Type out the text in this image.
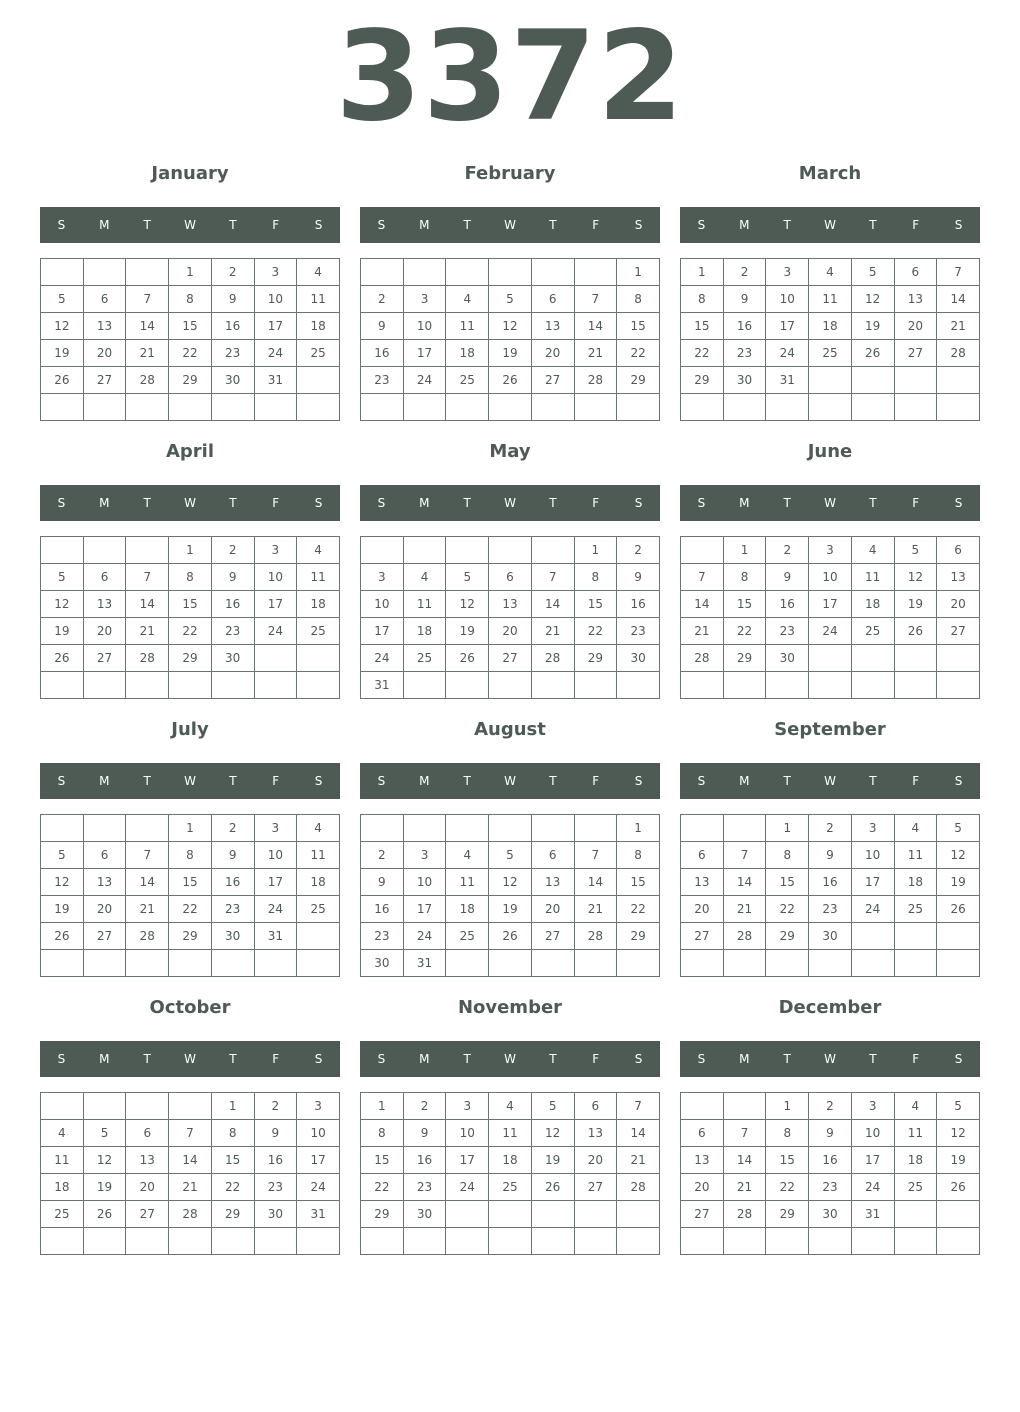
3372
January
S	M	T	W	T	F	S
			1	2	3	4
5	6	7	8	9	10	11
12	13	14	15	16	17	18
19	20	21	22	23	24	25
26	27	28	29	30	31	

February
S	M	T	W	T	F	S
						1
2	3	4	5	6	7	8
9	10	11	12	13	14	15
16	17	18	19	20	21	22
23	24	25	26	27	28	29

March
S	M	T	W	T	F	S
1	2	3	4	5	6	7
8	9	10	11	12	13	14
15	16	17	18	19	20	21
22	23	24	25	26	27	28
29	30	31				

April
S	M	T	W	T	F	S
			1	2	3	4
5	6	7	8	9	10	11
12	13	14	15	16	17	18
19	20	21	22	23	24	25
26	27	28	29	30		

May
S	M	T	W	T	F	S
					1	2
3	4	5	6	7	8	9
10	11	12	13	14	15	16
17	18	19	20	21	22	23
24	25	26	27	28	29	30
31						
June
S	M	T	W	T	F	S
	1	2	3	4	5	6
7	8	9	10	11	12	13
14	15	16	17	18	19	20
21	22	23	24	25	26	27
28	29	30				

July
S	M	T	W	T	F	S
			1	2	3	4
5	6	7	8	9	10	11
12	13	14	15	16	17	18
19	20	21	22	23	24	25
26	27	28	29	30	31	

August
S	M	T	W	T	F	S
						1
2	3	4	5	6	7	8
9	10	11	12	13	14	15
16	17	18	19	20	21	22
23	24	25	26	27	28	29
30	31					
September
S	M	T	W	T	F	S
		1	2	3	4	5
6	7	8	9	10	11	12
13	14	15	16	17	18	19
20	21	22	23	24	25	26
27	28	29	30			

October
S	M	T	W	T	F	S
				1	2	3
4	5	6	7	8	9	10
11	12	13	14	15	16	17
18	19	20	21	22	23	24
25	26	27	28	29	30	31

November
S	M	T	W	T	F	S
1	2	3	4	5	6	7
8	9	10	11	12	13	14
15	16	17	18	19	20	21
22	23	24	25	26	27	28
29	30					

December
S	M	T	W	T	F	S
		1	2	3	4	5
6	7	8	9	10	11	12
13	14	15	16	17	18	19
20	21	22	23	24	25	26
27	28	29	30	31		
